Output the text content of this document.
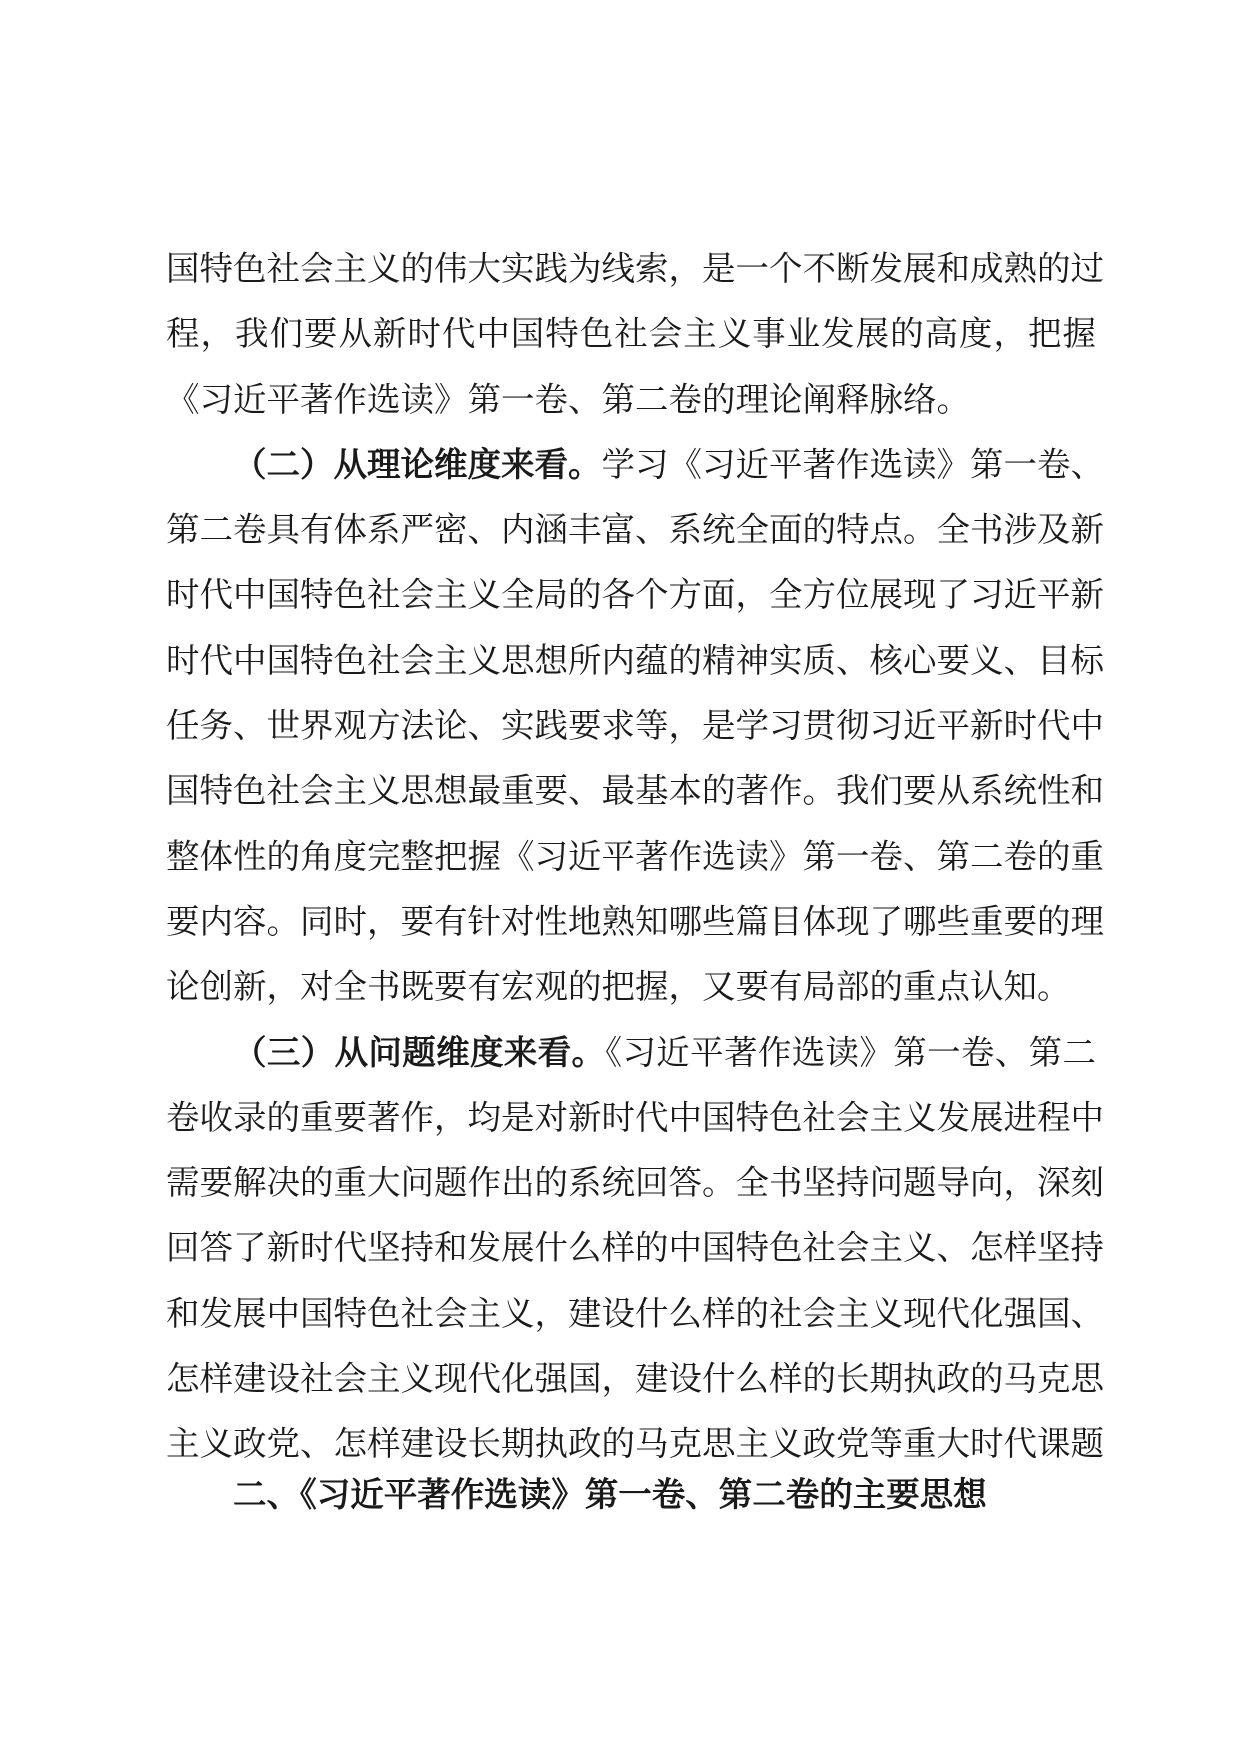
国特色社会主义的伟大实践为线索，是一个不断发展和成熟的过
程，我们要从新时代中国特色社会主义事业发展的高度，把握
《习近平著作选读》第一卷、第二卷的理论阐释脉络。
（二）从理论维度来看。学习《习近平著作选读》第一卷、
第二卷具有体系严密、内涵丰富、系统全面的特点。全书涉及新
时代中国特色社会主义全局的各个方面，全方位展现了习近平新
时代中国特色社会主义思想所内蕴的精神实质、核心要义、目标
任务、世界观方法论、实践要求等，是学习贯彻习近平新时代中
国特色社会主义思想最重要、最基本的著作。我们要从系统性和
整体性的角度完整把握《习近平著作选读》第一卷、第二卷的重
要内容。同时，要有针对性地熟知哪些篇目体现了哪些重要的理
论创新，对全书既要有宏观的把握，又要有局部的重点认知。
（三）从问题维度来看。《习近平著作选读》第一卷、第二
卷收录的重要著作，均是对新时代中国特色社会主义发展进程中
需要解决的重大问题作出的系统回答。全书坚持问题导向，深刻
回答了新时代坚持和发展什么样的中国特色社会主义、怎样坚持
和发展中国特色社会主义，建设什么样的社会主义现代化强国、
怎样建设社会主义现代化强国，建设什么样的长期执政的马克思
主义政党、怎样建设长期执政的马克思主义政党等重大时代课题
二、《习近平著作选读》第一卷、第二卷的主要思想
